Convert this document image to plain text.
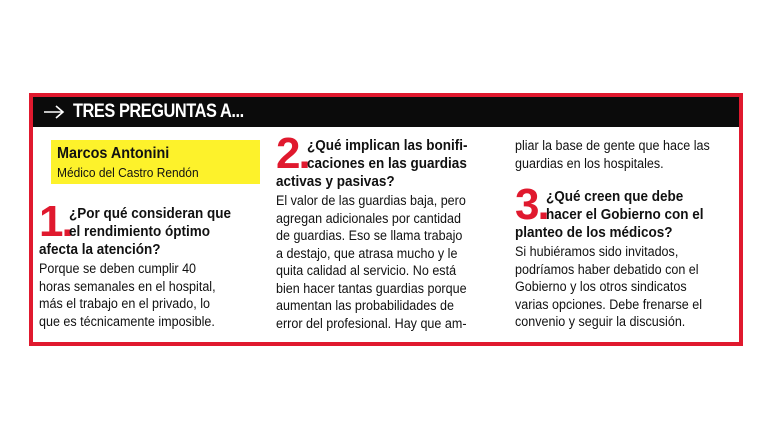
TRES PREGUNTAS A...
Marcos Antonini
Médico del Castro Rendón
1.
¿Por qué consideran que
el rendimiento óptimo
afecta la atención?
Porque se deben cumplir 40
horas semanales en el hospital,
más el trabajo en el privado, lo
que es técnicamente imposible.
2.
¿Qué implican las bonifi-
caciones en las guardias
activas y pasivas?
El valor de las guardias baja, pero
agregan adicionales por cantidad
de guardias. Eso se llama trabajo
a destajo, que atrasa mucho y le
quita calidad al servicio. No está
bien hacer tantas guardias porque
aumentan las probabilidades de
error del profesional. Hay que am-
pliar la base de gente que hace las
guardias en los hospitales.
3.
¿Qué creen que debe
hacer el Gobierno con el
planteo de los médicos?
Si hubiéramos sido invitados,
podríamos haber debatido con el
Gobierno y los otros sindicatos
varias opciones. Debe frenarse el
convenio y seguir la discusión.
